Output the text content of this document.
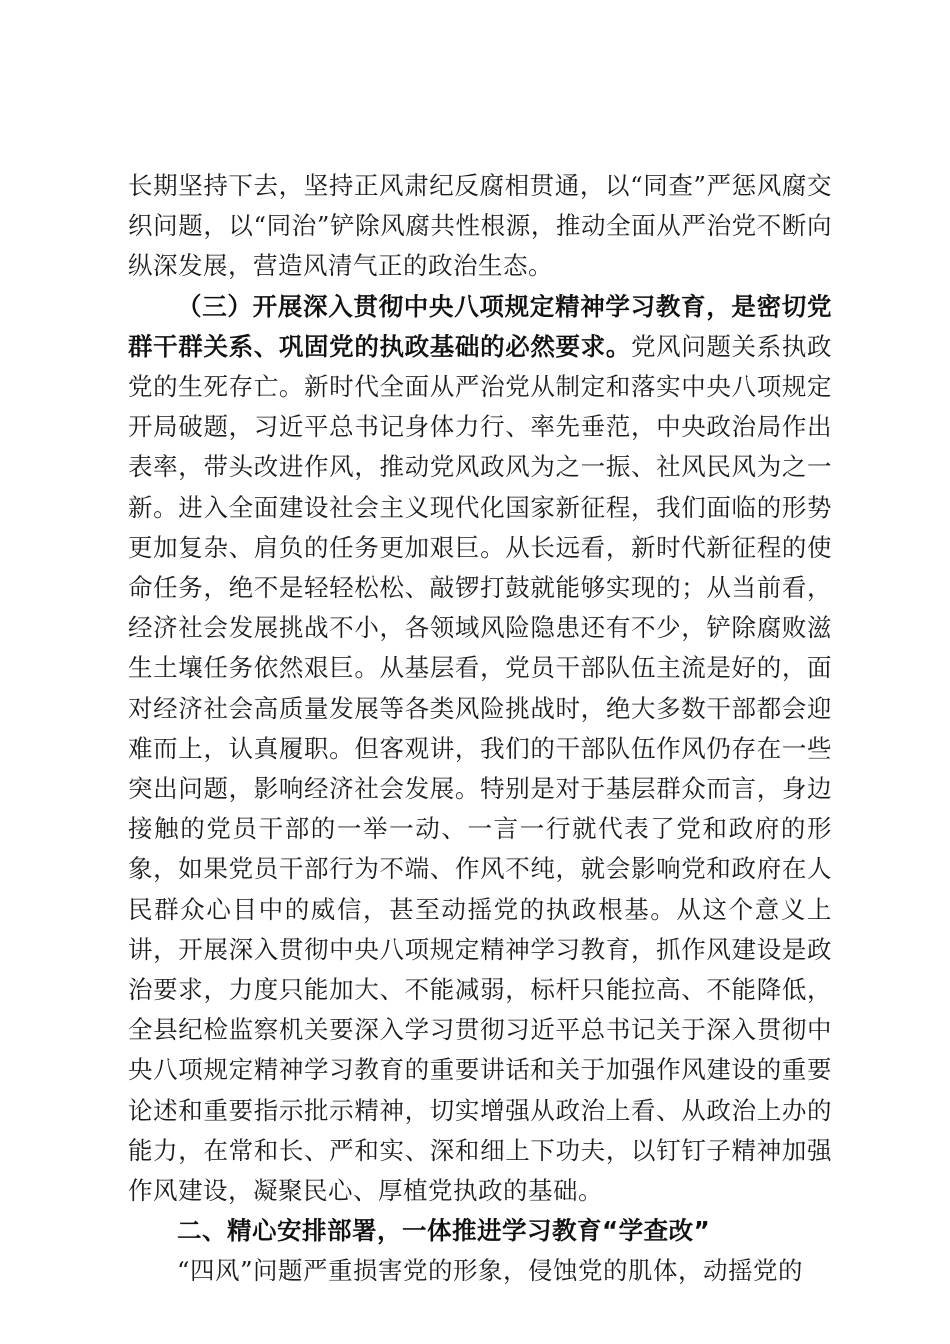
长期坚持下去，坚持正风肃纪反腐相贯通，以“同查”严惩风腐交织问题，以“同治”铲除风腐共性根源，推动全面从严治党不断向纵深发展，营造风清气正的政治生态。

（三）开展深入贯彻中央八项规定精神学习教育，是密切党群干群关系、巩固党的执政基础的必然要求。党风问题关系执政党的生死存亡。新时代全面从严治党从制定和落实中央八项规定开局破题，习近平总书记身体力行、率先垂范，中央政治局作出表率，带头改进作风，推动党风政风为之一振、社风民风为之一新。进入全面建设社会主义现代化国家新征程，我们面临的形势更加复杂、肩负的任务更加艰巨。从长远看，新时代新征程的使命任务，绝不是轻轻松松、敲锣打鼓就能够实现的；从当前看，经济社会发展挑战不小，各领域风险隐患还有不少，铲除腐败滋生土壤任务依然艰巨。从基层看，党员干部队伍主流是好的，面对经济社会高质量发展等各类风险挑战时，绝大多数干部都会迎难而上，认真履职。但客观讲，我们的干部队伍作风仍存在一些突出问题，影响经济社会发展。特别是对于基层群众而言，身边接触的党员干部的一举一动、一言一行就代表了党和政府的形象，如果党员干部行为不端、作风不纯，就会影响党和政府在人民群众心目中的威信，甚至动摇党的执政根基。从这个意义上讲，开展深入贯彻中央八项规定精神学习教育，抓作风建设是政治要求，力度只能加大、不能减弱，标杆只能拉高、不能降低，全县纪检监察机关要深入学习贯彻习近平总书记关于深入贯彻中央八项规定精神学习教育的重要讲话和关于加强作风建设的重要论述和重要指示批示精神，切实增强从政治上看、从政治上办的能力，在常和长、严和实、深和细上下功夫，以钉钉子精神加强作风建设，凝聚民心、厚植党执政的基础。

二、精心安排部署，一体推进学习教育“学查改”

“四风”问题严重损害党的形象，侵蚀党的肌体，动摇党的
